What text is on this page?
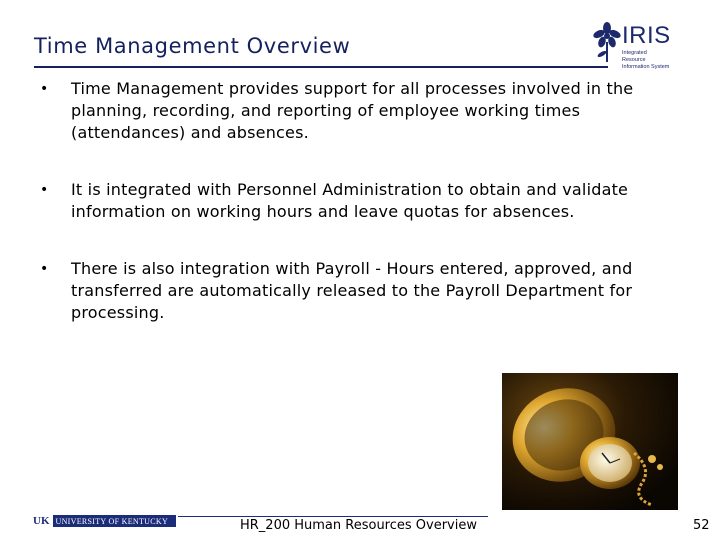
Time Management Overview	IRIS
Integrated Resource Information System
• Time Management provides support for all processes involved in the planning, recording, and reporting of employee working times (attendances) and absences.
• It is integrated with Personnel Administration to obtain and validate information on working hours and leave quotas for absences.
• There is also integration with Payroll - Hours entered, approved, and transferred are automatically released to the Payroll Department for processing.
UK UNIVERSITY OF KENTUCKY	HR_200 Human Resources Overview	52
